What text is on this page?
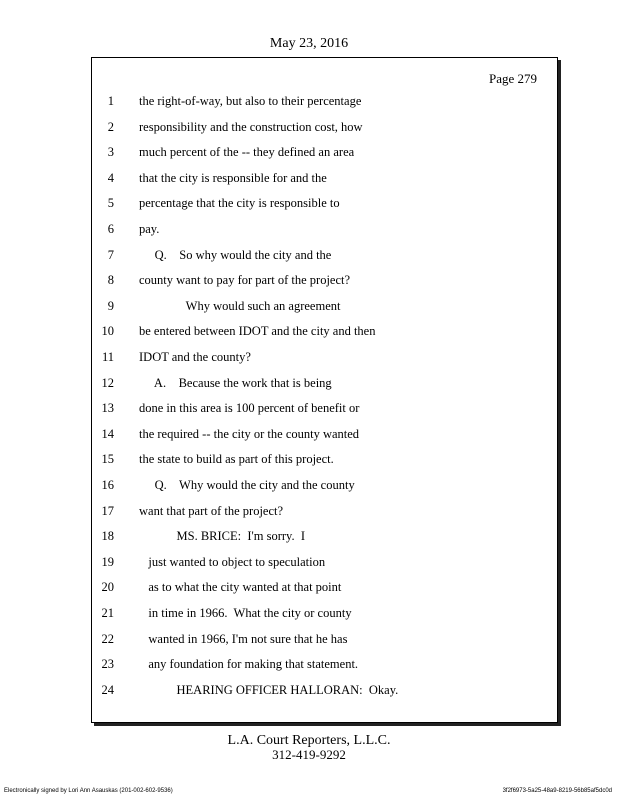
May 23, 2016
Page 279
1 the right-of-way, but also to their percentage
2 responsibility and the construction cost, how
3 much percent of the -- they defined an area
4 that the city is responsible for and the
5 percentage that the city is responsible to
6 pay.
7 Q.    So why would the city and the
8 county want to pay for part of the project?
9 Why would such an agreement
10 be entered between IDOT and the city and then
11 IDOT and the county?
12 A.    Because the work that is being
13 done in this area is 100 percent of benefit or
14 the required -- the city or the county wanted
15 the state to build as part of this project.
16 Q.    Why would the city and the county
17 want that part of the project?
18 MS. BRICE:  I'm sorry.  I
19 just wanted to object to speculation
20 as to what the city wanted at that point
21 in time in 1966.  What the city or county
22 wanted in 1966, I'm not sure that he has
23 any foundation for making that statement.
24 HEARING OFFICER HALLORAN:  Okay.
L.A. Court Reporters, L.L.C.
312-419-9292
Electronically signed by Lori Ann Asauskas (201-002-602-9536)	3f2f6973-5a25-48a9-8219-56b85af5dc0d
